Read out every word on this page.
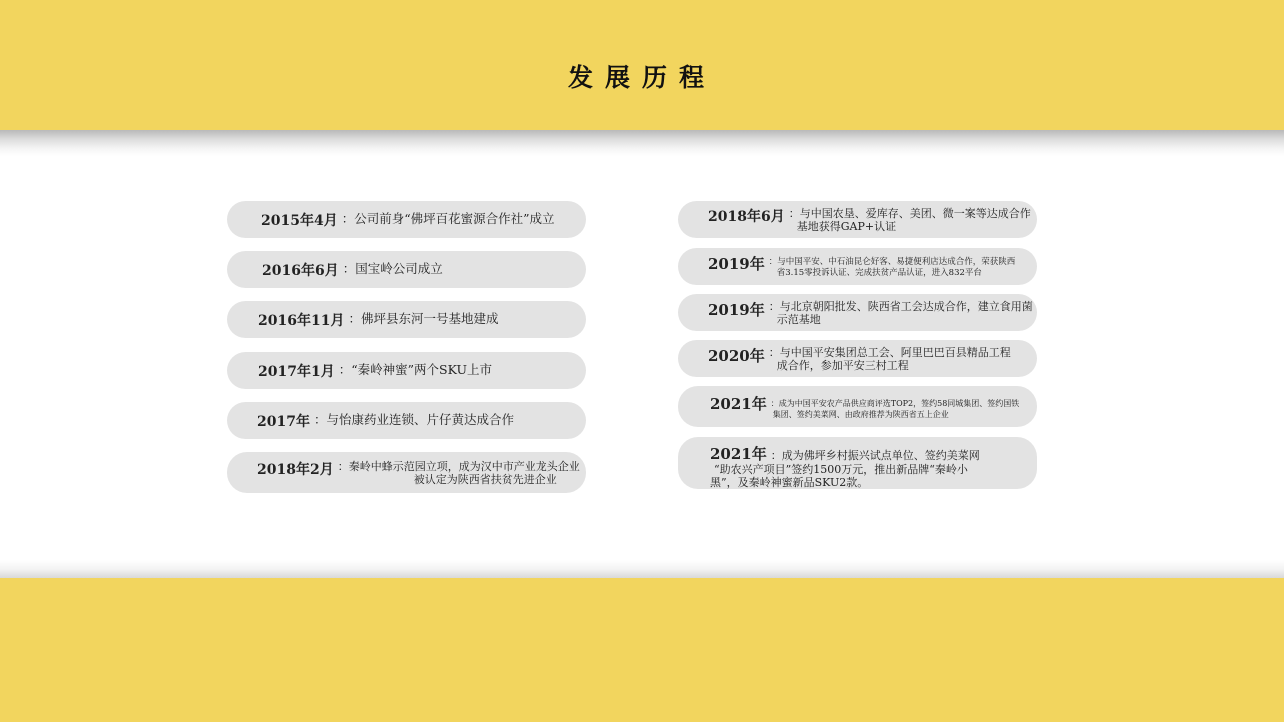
发展历程
2015年4月 ：公司前身“佛坪百花蜜源合作社”成立
2016年6月 ：国宝岭公司成立
2016年11月 ：佛坪县东河一号基地建成
2017年1月 ：“秦岭神蜜”两个SKU上市
2017年 ：与怡康药业连锁、片仔黄达成合作
2018年2月 ：秦岭中蜂示范园立项，成为汉中市产业龙头企业
被认定为陕西省扶贫先进企业
2018年6月 ：与中国农垦、爱库存、美团、微一案等达成合作
基地获得GAP+认证
2019年 ：与中国平安、中石油昆仑好客、易捷便利店达成合作，荣获陕西
省3.15零投诉认证、完成扶贫产品认证，进入832平台
2019年 ：与北京朝阳批发、陕西省工会达成合作，建立食用菌
示范基地
2020年 ：与中国平安集团总工会、阿里巴巴百县精品工程
成合作，参加平安三村工程
2021年 ：成为中国平安农产品供应商评选TOP2，签约58同城集团、签约国铁
集团、签约美菜网、由政府推荐为陕西省五上企业
2021年 ：成为佛坪乡村振兴试点单位、签约美菜网
“助农兴产项目”签约1500万元，推出新品牌“秦岭小
黑”，及秦岭神蜜新品SKU2款。
